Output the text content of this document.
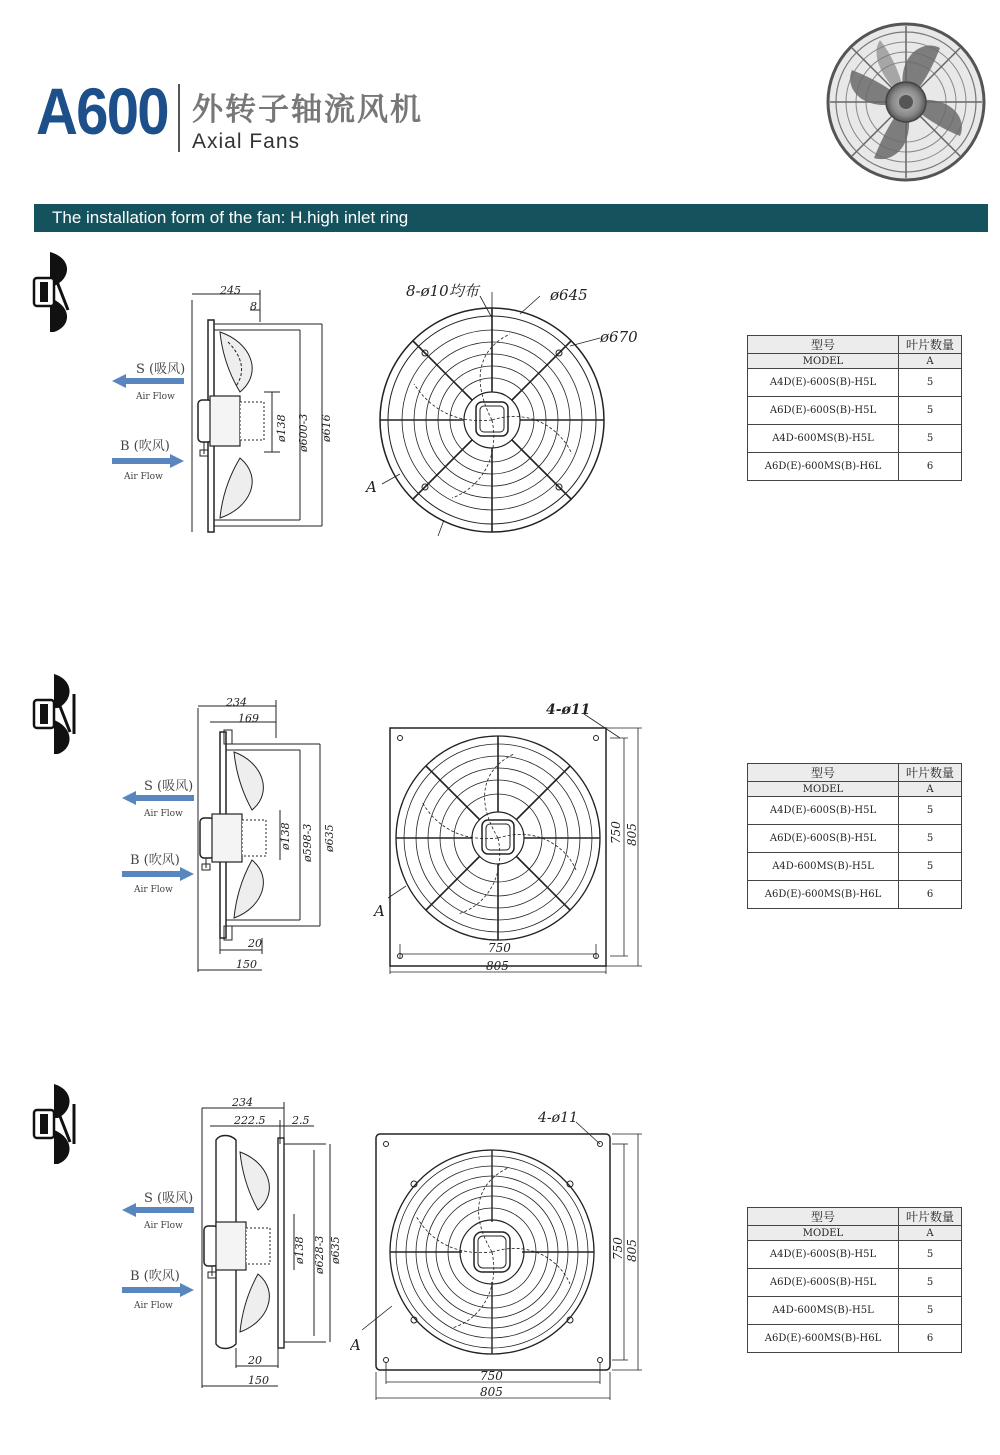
A600 外转子轴流风机
Axial Fans
The installation form of the fan: H.high inlet ring
S (吸风)
Air Flow
B (吹风)
Air Flow
245
8
ø138 ø600-3 ø616
8-ø10均布	ø645
ø670
A
型号	叶片数量
MODEL	A
A4D(E)-600S(B)-H5L	5
A6D(E)-600S(B)-H5L	5
A4D-600MS(B)-H5L	5
A6D(E)-600MS(B)-H6L	6
S (吸风)
Air Flow
B (吹风)
Air Flow
234
169
ø138 ø598-3 ø635
20
150
4-ø11
750 805
750
805
A
型号	叶片数量
MODEL	A
A4D(E)-600S(B)-H5L	5
A6D(E)-600S(B)-H5L	5
A4D-600MS(B)-H5L	5
A6D(E)-600MS(B)-H6L	6
S (吸风)
Air Flow
B (吹风)
Air Flow
234
222.5 2.5
ø138 ø628-3 ø635
20
150
4-ø11
750 805
750
805
A
型号	叶片数量
MODEL	A
A4D(E)-600S(B)-H5L	5
A6D(E)-600S(B)-H5L	5
A4D-600MS(B)-H5L	5
A6D(E)-600MS(B)-H6L	6
